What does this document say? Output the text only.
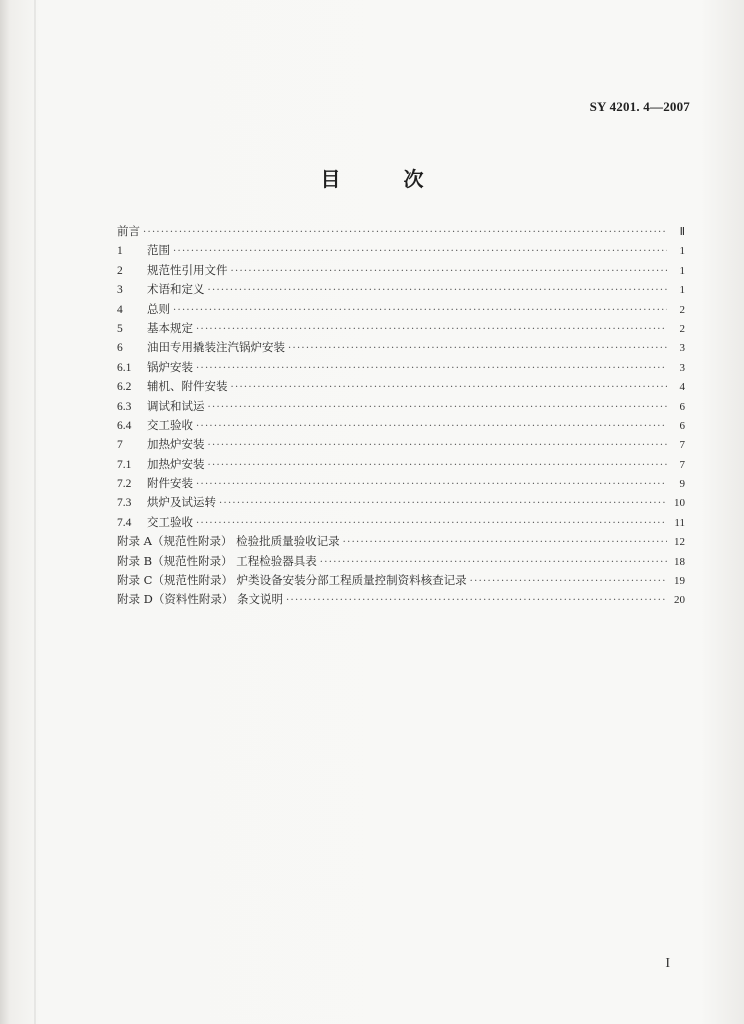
SY 4201. 4—2007
目 次
前言 ·····	Ⅱ
1	范围 ·····	1
2	规范性引用文件 ·····	1
3	术语和定义 ·····	1
4	总则 ·····	2
5	基本规定 ·····	2
6	油田专用撬装注汽锅炉安装 ·····	3
6.1	锅炉安装 ·····	3
6.2	辅机、附件安装 ·····	4
6.3	调试和试运 ·····	6
6.4	交工验收 ·····	6
7	加热炉安装 ·····	7
7.1	加热炉安装 ·····	7
7.2	附件安装 ·····	9
7.3	烘炉及试运转 ·····	10
7.4	交工验收 ·····	11
附录 A（规范性附录） 检验批质量验收记录 ·····	12
附录 B（规范性附录） 工程检验器具表 ·····	18
附录 C（规范性附录） 炉类设备安装分部工程质量控制资料核查记录 ·····	19
附录 D（资料性附录） 条文说明 ·····	20
I
